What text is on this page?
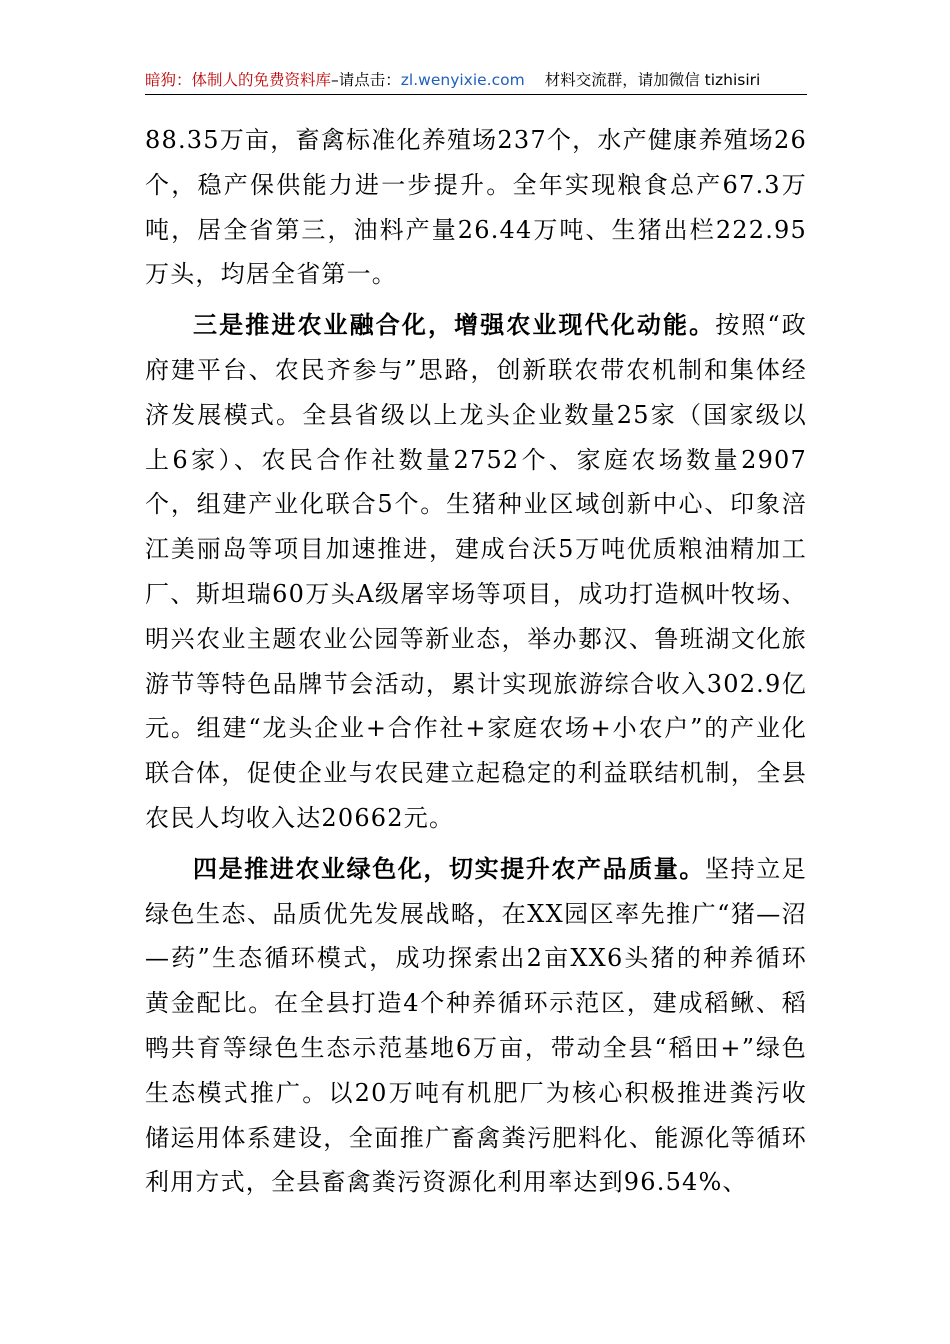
暗狗：体制人的免费资料库–请点击：zl.wenyixie.com 材料交流群，请加微信 tizhisiri

88.35万亩，畜禽标准化养殖场237个，水产健康养殖场26个，稳产保供能力进一步提升。全年实现粮食总产67.3万吨，居全省第三，油料产量26.44万吨、生猪出栏222.95万头，均居全省第一。

三是推进农业融合化，增强农业现代化动能。按照“政府建平台、农民齐参与”思路，创新联农带农机制和集体经济发展模式。全县省级以上龙头企业数量25家（国家级以上6家）、农民合作社数量2752个、家庭农场数量2907个，组建产业化联合5个。生猪种业区域创新中心、印象涪江美丽岛等项目加速推进，建成台沃5万吨优质粮油精加工厂、斯坦瑞60万头A级屠宰场等项目，成功打造枫叶牧场、明兴农业主题农业公园等新业态，举办郪汉、鲁班湖文化旅游节等特色品牌节会活动，累计实现旅游综合收入302.9亿元。组建“龙头企业+合作社+家庭农场+小农户”的产业化联合体，促使企业与农民建立起稳定的利益联结机制，全县农民人均收入达20662元。

四是推进农业绿色化，切实提升农产品质量。坚持立足绿色生态、品质优先发展战略，在XX园区率先推广“猪—沼—药”生态循环模式，成功探索出2亩XX6头猪的种养循环黄金配比。在全县打造4个种养循环示范区，建成稻鳅、稻鸭共育等绿色生态示范基地6万亩，带动全县“稻田+”绿色生态模式推广。以20万吨有机肥厂为核心积极推进粪污收储运用体系建设，全面推广畜禽粪污肥料化、能源化等循环利用方式，全县畜禽粪污资源化利用率达到96.54%、
